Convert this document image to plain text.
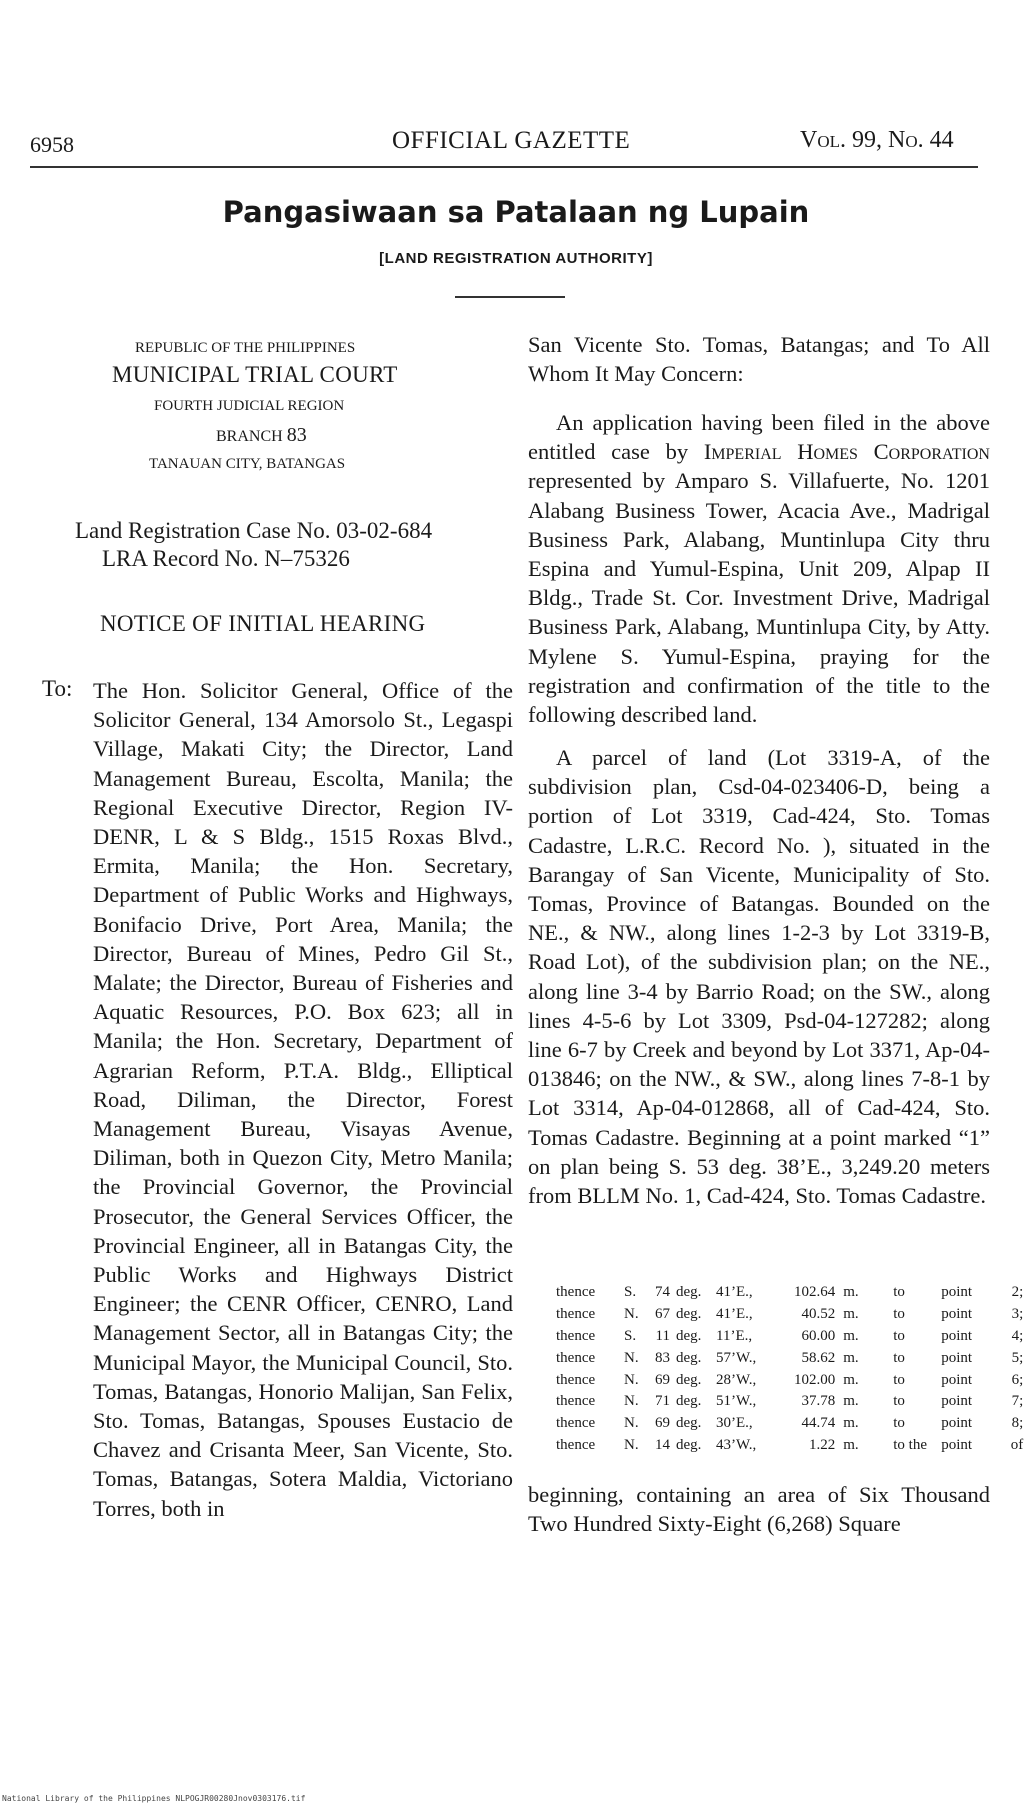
6958	OFFICIAL GAZETTE	Vol. 99, No. 44
Pangasiwaan sa Patalaan ng Lupain
[LAND REGISTRATION AUTHORITY]
REPUBLIC OF THE PHILIPPINES
MUNICIPAL TRIAL COURT
FOURTH JUDICIAL REGION
BRANCH 83
TANAUAN CITY, BATANGAS
Land Registration Case No. 03-02-684
LRA Record No. N–75326
NOTICE OF INITIAL HEARING
To: The Hon. Solicitor General, Office of the Solicitor General, 134 Amorsolo St., Legaspi Village, Makati City; the Director, Land Management Bureau, Escolta, Manila; the Regional Executive Director, Region IV-DENR, L & S Bldg., 1515 Roxas Blvd., Ermita, Manila; the Hon. Secretary, Department of Public Works and Highways, Bonifacio Drive, Port Area, Manila; the Director, Bureau of Mines, Pedro Gil St., Malate; the Director, Bureau of Fisheries and Aquatic Resources, P.O. Box 623; all in Manila; the Hon. Secretary, Department of Agrarian Reform, P.T.A. Bldg., Elliptical Road, Diliman, the Director, Forest Management Bureau, Visayas Avenue, Diliman, both in Quezon City, Metro Manila; the Provincial Governor, the Provincial Prosecutor, the General Services Officer, the Provincial Engineer, all in Batangas City, the Public Works and Highways District Engineer; the CENR Officer, CENRO, Land Management Sector, all in Batangas City; the Municipal Mayor, the Municipal Council, Sto. Tomas, Batangas, Honorio Malijan, San Felix, Sto. Tomas, Batangas, Spouses Eustacio de Chavez and Crisanta Meer, San Vicente, Sto. Tomas, Batangas, Sotera Maldia, Victoriano Torres, both in
San Vicente Sto. Tomas, Batangas; and To All Whom It May Concern:
An application having been filed in the above entitled case by Imperial Homes Corporation represented by Amparo S. Villafuerte, No. 1201 Alabang Business Tower, Acacia Ave., Madrigal Business Park, Alabang, Muntinlupa City thru Espina and Yumul-Espina, Unit 209, Alpap II Bldg., Trade St. Cor. Investment Drive, Madrigal Business Park, Alabang, Muntinlupa City, by Atty. Mylene S. Yumul-Espina, praying for the registration and confirmation of the title to the following described land.
A parcel of land (Lot 3319-A, of the subdivision plan, Csd-04-023406-D, being a portion of Lot 3319, Cad-424, Sto. Tomas Cadastre, L.R.C. Record No. ), situated in the Barangay of San Vicente, Municipality of Sto. Tomas, Province of Batangas. Bounded on the NE., & NW., along lines 1-2-3 by Lot 3319-B, Road Lot), of the subdivision plan; on the NE., along line 3-4 by Barrio Road; on the SW., along lines 4-5-6 by Lot 3309, Psd-04-127282; along line 6-7 by Creek and beyond by Lot 3371, Ap-04-013846; on the NW., & SW., along lines 7-8-1 by Lot 3314, Ap-04-012868, all of Cad-424, Sto. Tomas Cadastre. Beginning at a point marked “1” on plan being S. 53 deg. 38’E., 3,249.20 meters from BLLM No. 1, Cad-424, Sto. Tomas Cadastre.
thence	S.	74	deg.	41’E.,	102.64	m.	to	point	2;
thence	N.	67	deg.	41’E.,	40.52	m.	to	point	3;
thence	S.	11	deg.	11’E.,	60.00	m.	to	point	4;
thence	N.	83	deg.	57’W.,	58.62	m.	to	point	5;
thence	N.	69	deg.	28’W.,	102.00	m.	to	point	6;
thence	N.	71	deg.	51’W.,	37.78	m.	to	point	7;
thence	N.	69	deg.	30’E.,	44.74	m.	to	point	8;
thence	N.	14	deg.	43’W.,	1.22	m.	to the	point	of
beginning, containing an area of Six Thousand Two Hundred Sixty-Eight (6,268) Square
National Library of the Philippines NLPOGJR00280Jnov0303176.tif
